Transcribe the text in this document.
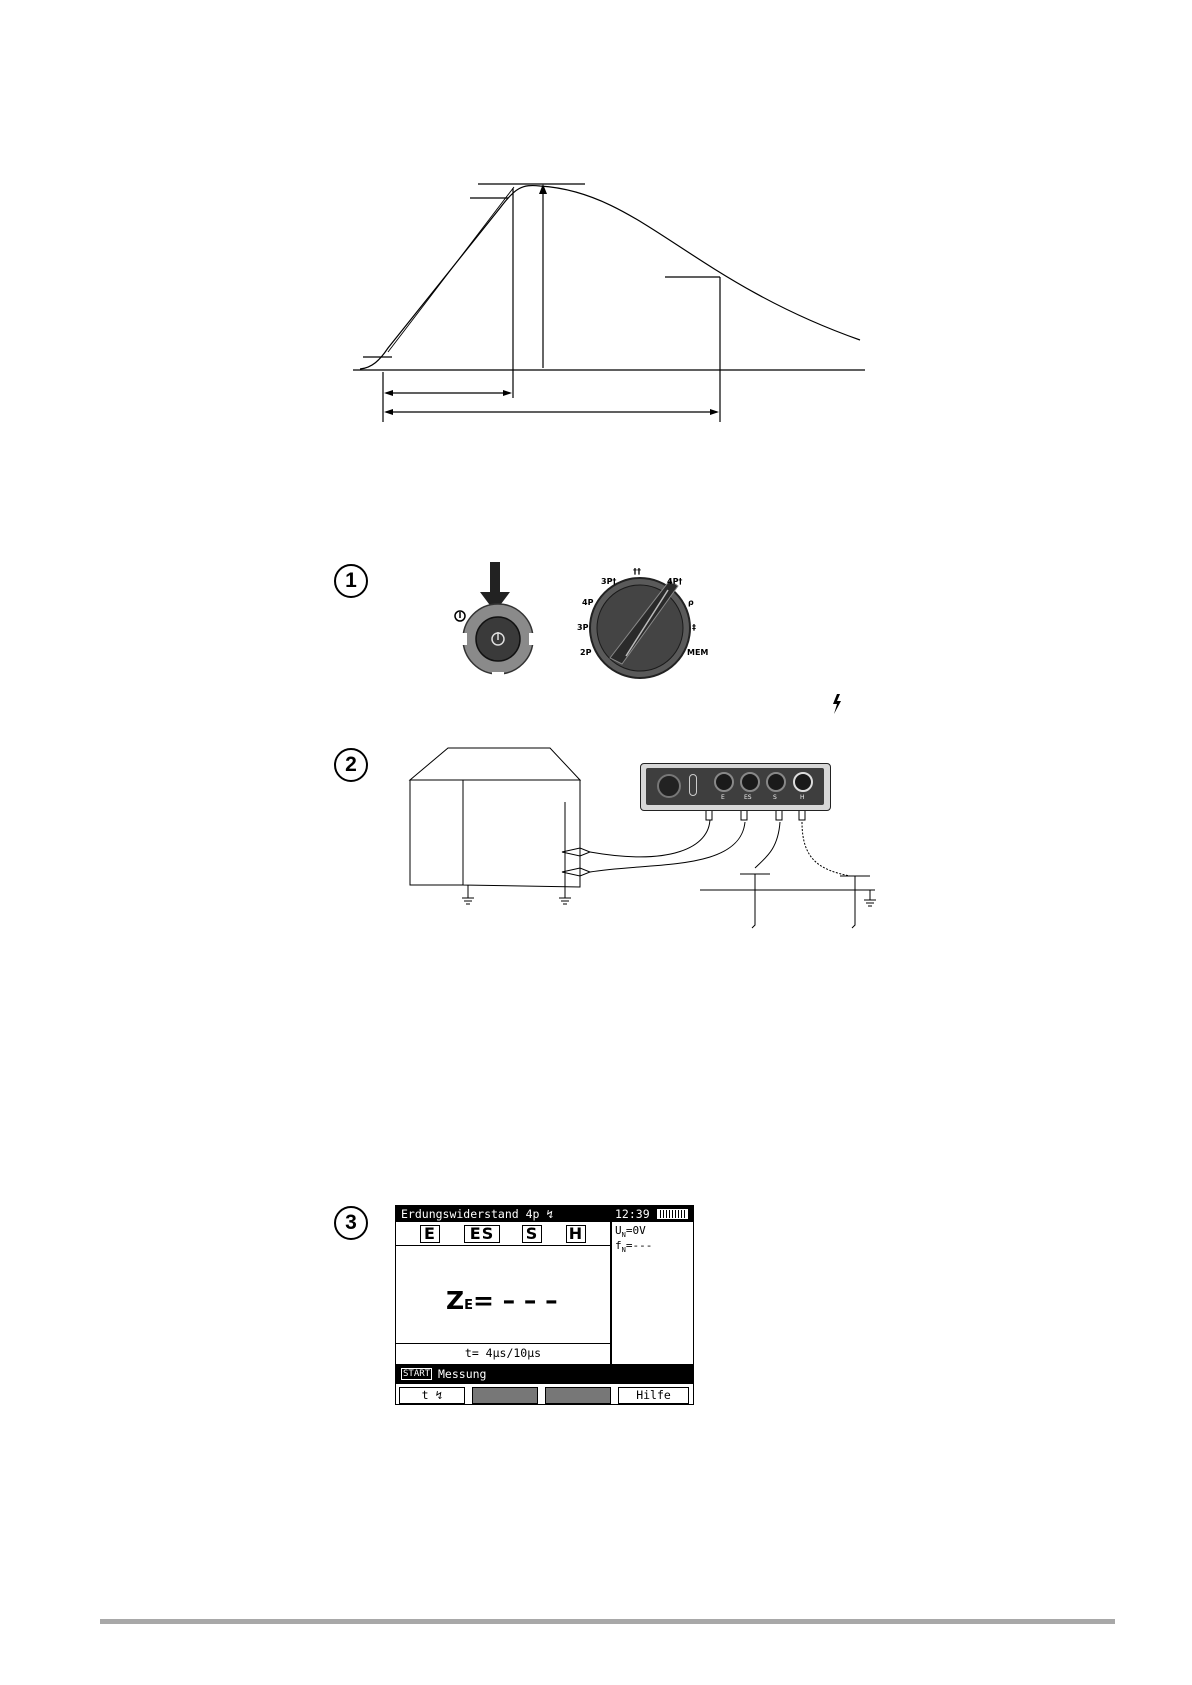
1
2
3
2P
3P
4P
3P†
††
4P†
ρ
‡
MEM
E	ES	S	H
Erdungswiderstand 4p ↯	12:39
E	ES	S H	$U_N=0V$
$f_N=---$
ZE= – – –
t= 4µs/10µs
START Messung
t ↯	Hilfe
